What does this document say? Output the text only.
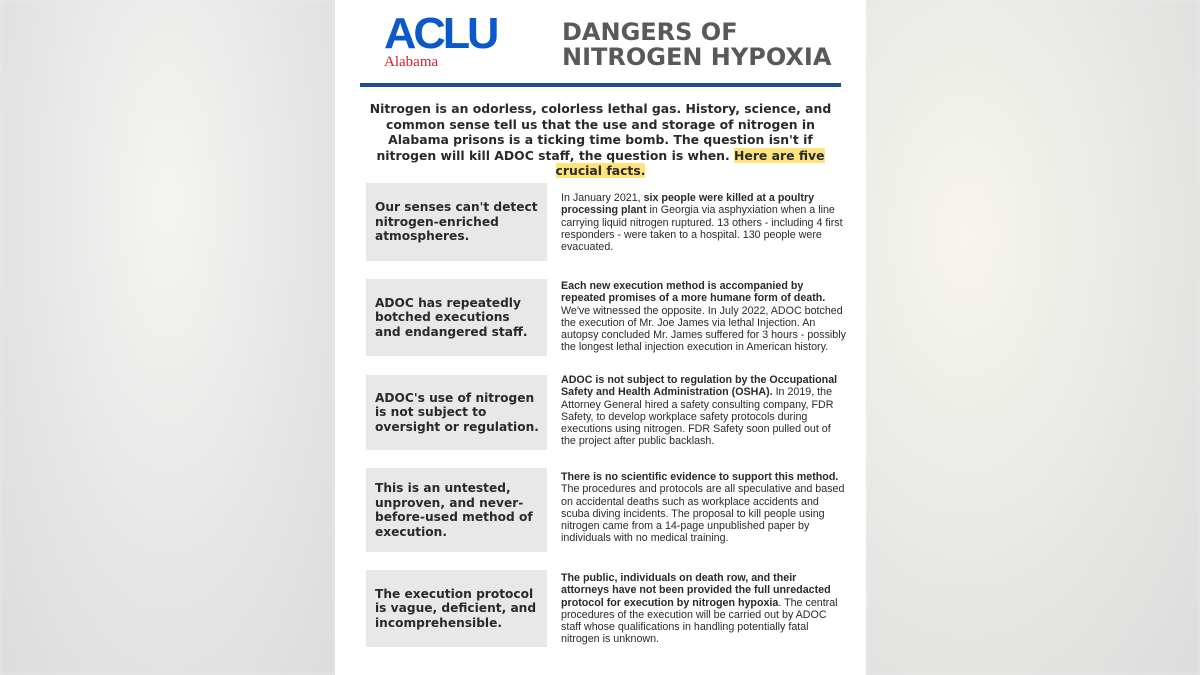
ACLU
Alabama
DANGERS OF NITROGEN HYPOXIA
Nitrogen is an odorless, colorless lethal gas. History, science, and common sense tell us that the use and storage of nitrogen in Alabama prisons is a ticking time bomb. The question isn't if nitrogen will kill ADOC staff, the question is when. Here are five crucial facts.
Our senses can't detect nitrogen-enriched atmospheres.
In January 2021, six people were killed at a poultry processing plant in Georgia via asphyxiation when a line carrying liquid nitrogen ruptured. 13 others - including 4 first responders - were taken to a hospital. 130 people were evacuated.
ADOC has repeatedly botched executions and endangered staff.
Each new execution method is accompanied by repeated promises of a more humane form of death. We've witnessed the opposite. In July 2022, ADOC botched the execution of Mr. Joe James via lethal Injection. An autopsy concluded Mr. James suffered for 3 hours - possibly the longest lethal injection execution in American history.
ADOC's use of nitrogen is not subject to oversight or regulation.
ADOC is not subject to regulation by the Occupational Safety and Health Administration (OSHA). In 2019, the Attorney General hired a safety consulting company, FDR Safety, to develop workplace safety protocols during executions using nitrogen. FDR Safety soon pulled out of the project after public backlash.
This is an untested, unproven, and never-before-used method of execution.
There is no scientific evidence to support this method. The procedures and protocols are all speculative and based on accidental deaths such as workplace accidents and scuba diving incidents. The proposal to kill people using nitrogen came from a 14-page unpublished paper by individuals with no medical training.
The execution protocol is vague, deficient, and incomprehensible.
The public, individuals on death row, and their attorneys have not been provided the full unredacted protocol for execution by nitrogen hypoxia. The central procedures of the execution will be carried out by ADOC staff whose qualifications in handling potentially fatal nitrogen is unknown.
